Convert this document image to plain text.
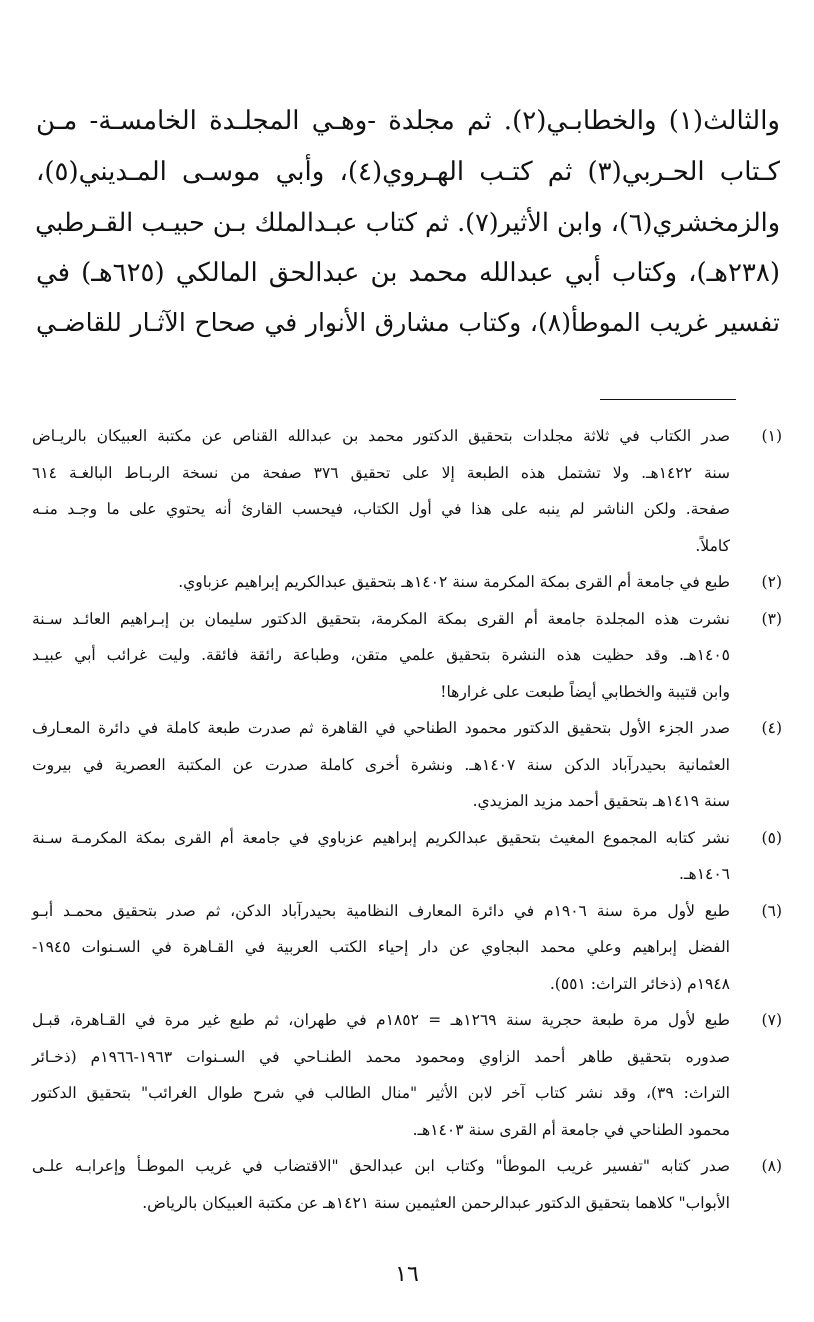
والثالث(١) والخطابـي(٢). ثم مجلدة -وهـي المجلـدة الخامسـة- مـن
كـتاب الحـربي(٣) ثم كتـب الهـروي(٤)، وأبي موسـى المـديني(٥)،
والزمخشري(٦)، وابن الأثير(٧). ثم كتاب عبـدالملك بـن حبيـب القـرطبي
(٢٣٨هـ)، وكتاب أبي عبدالله محمد بن عبدالحق المالكي (٦٢٥هـ) في
تفسير غريب الموطأ(٨)، وكتاب مشارق الأنوار في صحاح الآثـار للقاضـي
(١)
صدر الكتاب في ثلاثة مجلدات بتحقيق الدكتور محمد بن عبدالله القناص عن مكتبة العبيكان بالريـاض
سنة ١٤٢٢هـ. ولا تشتمل هذه الطبعة إلا على تحقيق ٣٧٦ صفحة من نسخة الربـاط البالغـة ٦١٤
صفحة. ولكن الناشر لم ينبه على هذا في أول الكتاب، فيحسب القارئ أنه يحتوي على ما وجـد منـه
كاملاً.
(٢)
طبع في جامعة أم القرى بمكة المكرمة سنة ١٤٠٢هـ بتحقيق عبدالكريم إبراهيم عزباوي.
(٣)
نشرت هذه المجلدة جامعة أم القرى بمكة المكرمة، بتحقيق الدكتور سليمان بن إبـراهيم العائـد سـنة
١٤٠٥هـ. وقد حظيت هذه النشرة بتحقيق علمي متقن، وطباعة رائقة فائقة. وليت غرائب أبي عبيـد
وابن قتيبة والخطابي أيضاً طبعت على غرارها!
(٤)
صدر الجزء الأول بتحقيق الدكتور محمود الطناحي في القاهرة ثم صدرت طبعة كاملة في دائرة المعـارف
العثمانية بحيدرآباد الدكن سنة ١٤٠٧هـ. ونشرة أخرى كاملة صدرت عن المكتبة العصرية في بيروت
سنة ١٤١٩هـ بتحقيق أحمد مزيد المزيدي.
(٥)
نشر كتابه المجموع المغيث بتحقيق عبدالكريم إبراهيم عزباوي في جامعة أم القرى بمكة المكرمـة سـنة
١٤٠٦هـ.
(٦)
طبع لأول مرة سنة ١٩٠٦م في دائرة المعارف النظامية بحيدرآباد الدكن، ثم صدر بتحقيق محمـد أبـو
الفضل إبراهيم وعلي محمد البجاوي عن دار إحياء الكتب العربية في القـاهرة في السـنوات ١٩٤٥-
١٩٤٨م (ذخائر التراث: ٥٥١).
(٧)
طبع لأول مرة طبعة حجرية سنة ١٢٦٩هـ = ١٨٥٢م في طهران، ثم طبع غير مرة في القـاهرة، قبـل
صدوره بتحقيق طاهر أحمد الزاوي ومحمود محمد الطنـاحي في السـنوات ١٩٦٣-١٩٦٦م (ذخـائر
التراث: ٣٩)، وقد نشر كتاب آخر لابن الأثير "منال الطالب في شرح طوال الغرائب" بتحقيق الدكتور
محمود الطناحي في جامعة أم القرى سنة ١٤٠٣هـ.
(٨)
صدر كتابه "تفسير غريب الموطأ" وكتاب ابن عبدالحق "الاقتضاب في غريب الموطـأ وإعرابـه علـى
الأبواب" كلاهما بتحقيق الدكتور عبدالرحمن العثيمين سنة ١٤٢١هـ عن مكتبة العبيكان بالرياض.
١٦
